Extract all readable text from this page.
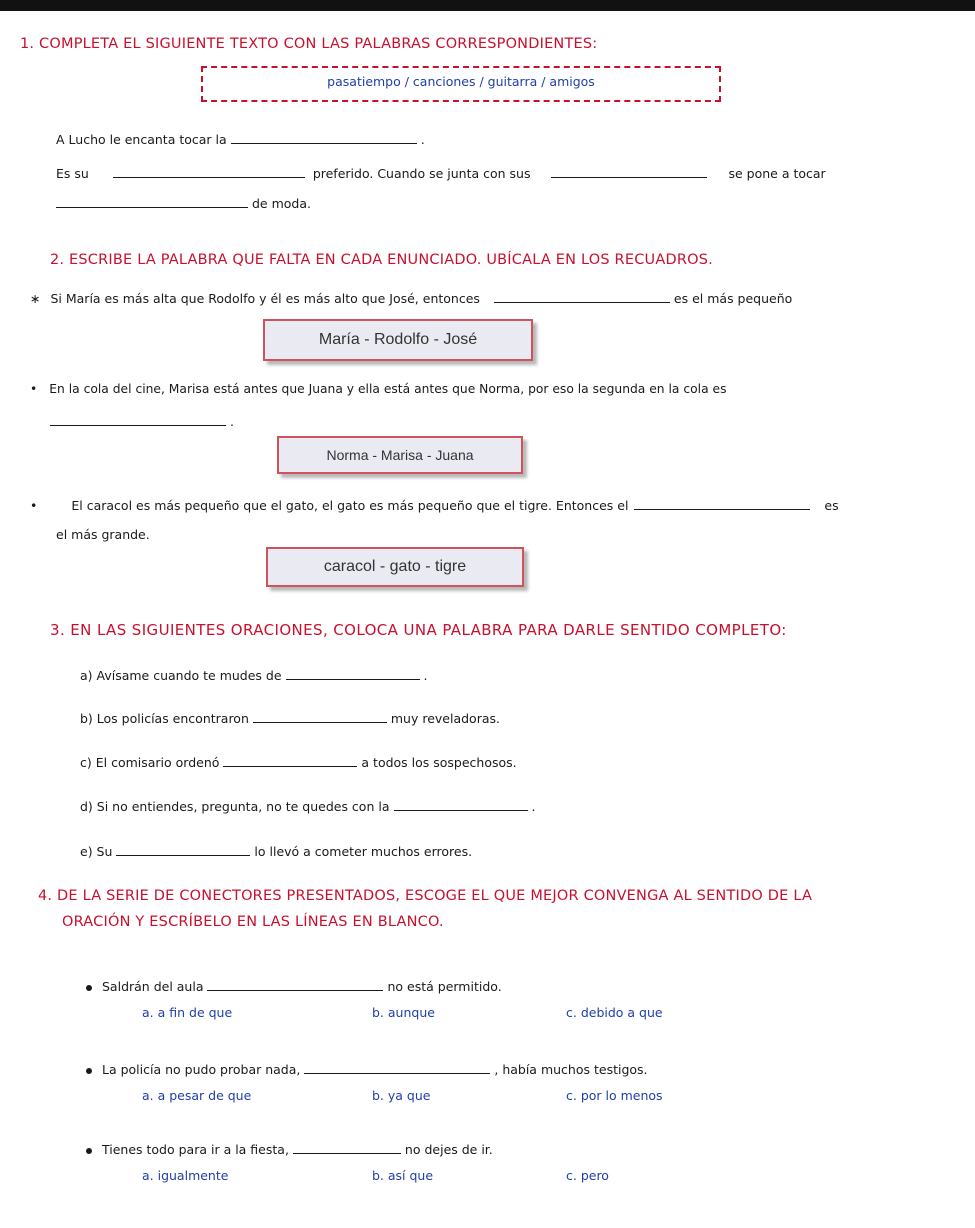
1. COMPLETA EL SIGUIENTE TEXTO CON LAS PALABRAS CORRESPONDIENTES:
pasatiempo / canciones / guitarra / amigos
A Lucho le encanta tocar la	.
Es su	preferido. Cuando se junta con sus	se pone a tocar
de moda.
2. ESCRIBE LA PALABRA QUE FALTA EN CADA ENUNCIADO. UBÍCALA EN LOS RECUADROS.
∗ Si María es más alta que Rodolfo y él es más alto que José, entonces	es el más pequeño
María - Rodolfo - José
• En la cola del cine, Marisa está antes que Juana y ella está antes que Norma, por eso la segunda en la cola es
.
Norma - Marisa - Juana
•	El caracol es más pequeño que el gato, el gato es más pequeño que el tigre. Entonces el	es
el más grande.
caracol - gato - tigre
3. EN LAS SIGUIENTES ORACIONES, COLOCA UNA PALABRA PARA DARLE SENTIDO COMPLETO:
a) Avísame cuando te mudes de	.
b) Los policías encontraron	muy reveladoras.
c) El comisario ordenó	a todos los sospechosos.
d) Si no entiendes, pregunta, no te quedes con la	.
e) Su	lo llevó a cometer muchos errores.
4. DE LA SERIE DE CONECTORES PRESENTADOS, ESCOGE EL QUE MEJOR CONVENGA AL SENTIDO DE LA
ORACIÓN Y ESCRÍBELO EN LAS LÍNEAS EN BLANCO.
Saldrán del aula	no está permitido.
a. a fin de que	b. aunque	c. debido a que
La policía no pudo probar nada,	, había muchos testigos.
a. a pesar de que	b. ya que	c. por lo menos
Tienes todo para ir a la fiesta,	no dejes de ir.
a. igualmente	b. así que	c. pero
